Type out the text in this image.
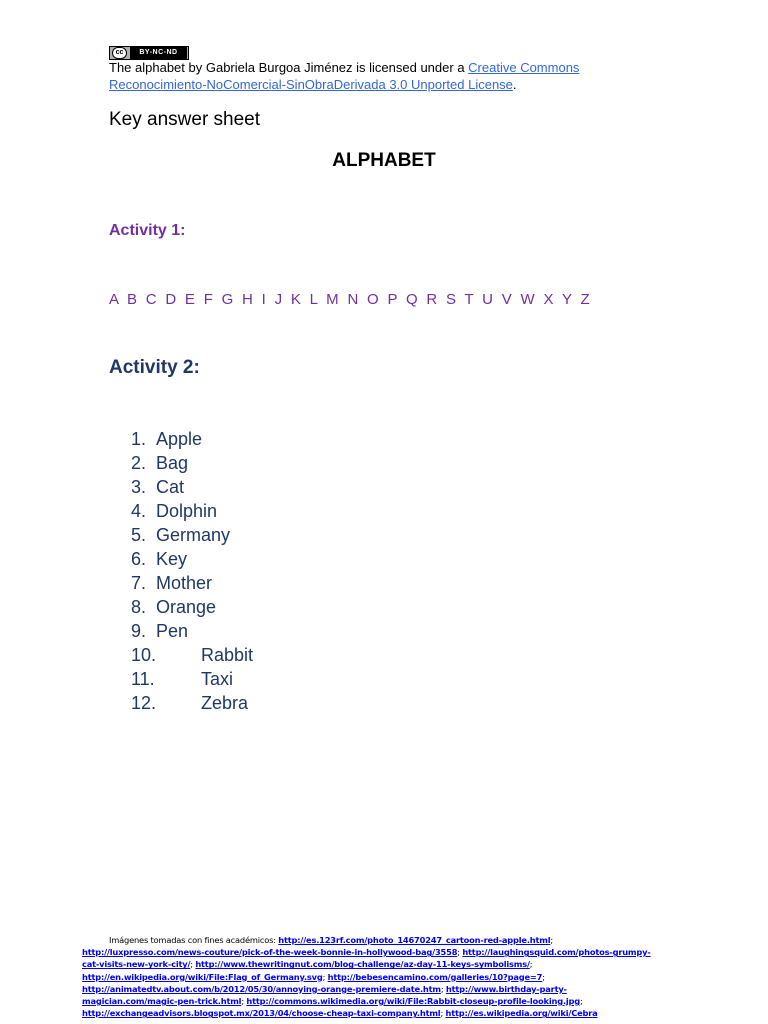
cc	BY-NC-ND
The alphabet by Gabriela Burgoa Jiménez is licensed under a Creative Commons Reconocimiento-NoComercial-SinObraDerivada 3.0 Unported License.
Key answer sheet
ALPHABET
Activity 1:
A B C D E F G H I J K L M N O P Q R S T U V W X Y Z
Activity 2:
1. Apple
2. Bag
3. Cat
4. Dolphin
5. Germany
6. Key
7. Mother
8. Orange
9. Pen
10. Rabbit
11.	Taxi
12. Zebra
Imágenes tomadas con fines académicos: http://es.123rf.com/photo_14670247_cartoon-red-apple.html; http://luxpresso.com/news-couture/pick-of-the-week-bonnie-in-hollywood-bag/3558; http://laughingsquid.com/photos-grumpy-cat-visits-new-york-city/; http://www.thewritingnut.com/blog-challenge/az-day-11-keys-symbolisms/; http://en.wikipedia.org/wiki/File:Flag_of_Germany.svg; http://bebesencamino.com/galleries/10?page=7; http://animatedtv.about.com/b/2012/05/30/annoying-orange-premiere-date.htm; http://www.birthday-party-magician.com/magic-pen-trick.html; http://commons.wikimedia.org/wiki/File:Rabbit-closeup-profile-looking.jpg; http://exchangeadvisors.blogspot.mx/2013/04/choose-cheap-taxi-company.html; http://es.wikipedia.org/wiki/Cebra
